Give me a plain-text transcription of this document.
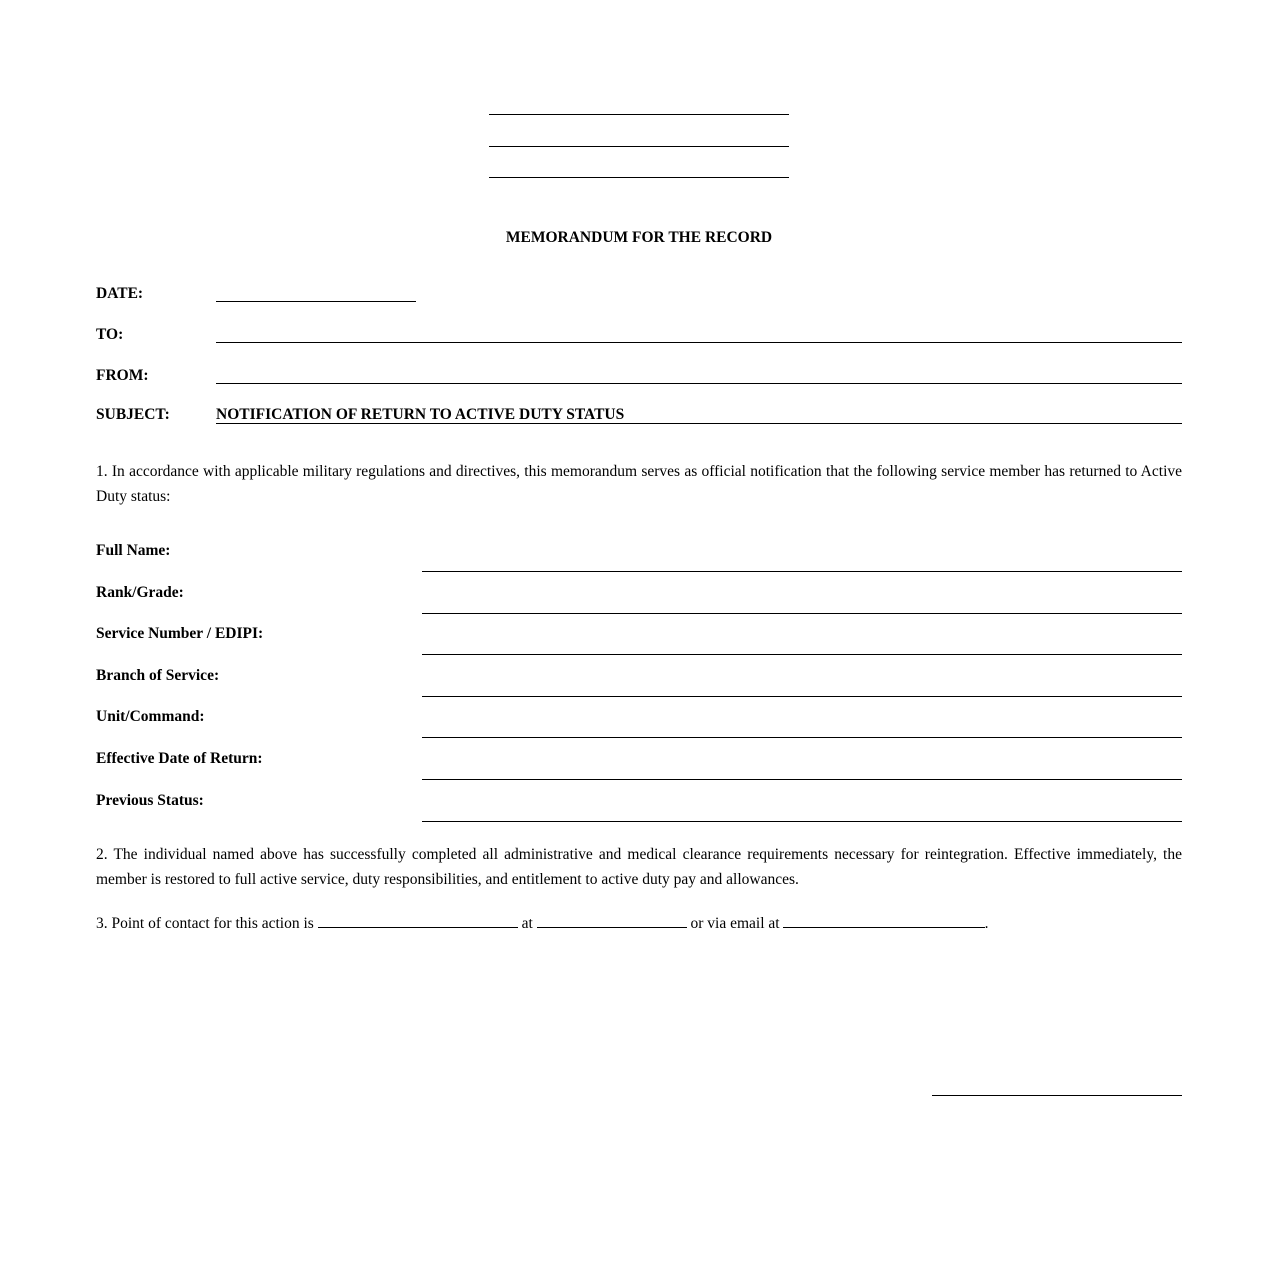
MEMORANDUM FOR THE RECORD
DATE:
TO:
FROM:
SUBJECT:	NOTIFICATION OF RETURN TO ACTIVE DUTY STATUS
1. In accordance with applicable military regulations and directives, this memorandum serves as official notification that the following service member has returned to Active Duty status:
Full Name:
Rank/Grade:
Service Number / EDIPI:
Branch of Service:
Unit/Command:
Effective Date of Return:
Previous Status:
2. The individual named above has successfully completed all administrative and medical clearance requirements necessary for reintegration. Effective immediately, the member is restored to full active service, duty responsibilities, and entitlement to active duty pay and allowances.
3. Point of contact for this action is	at	or via email at	.
